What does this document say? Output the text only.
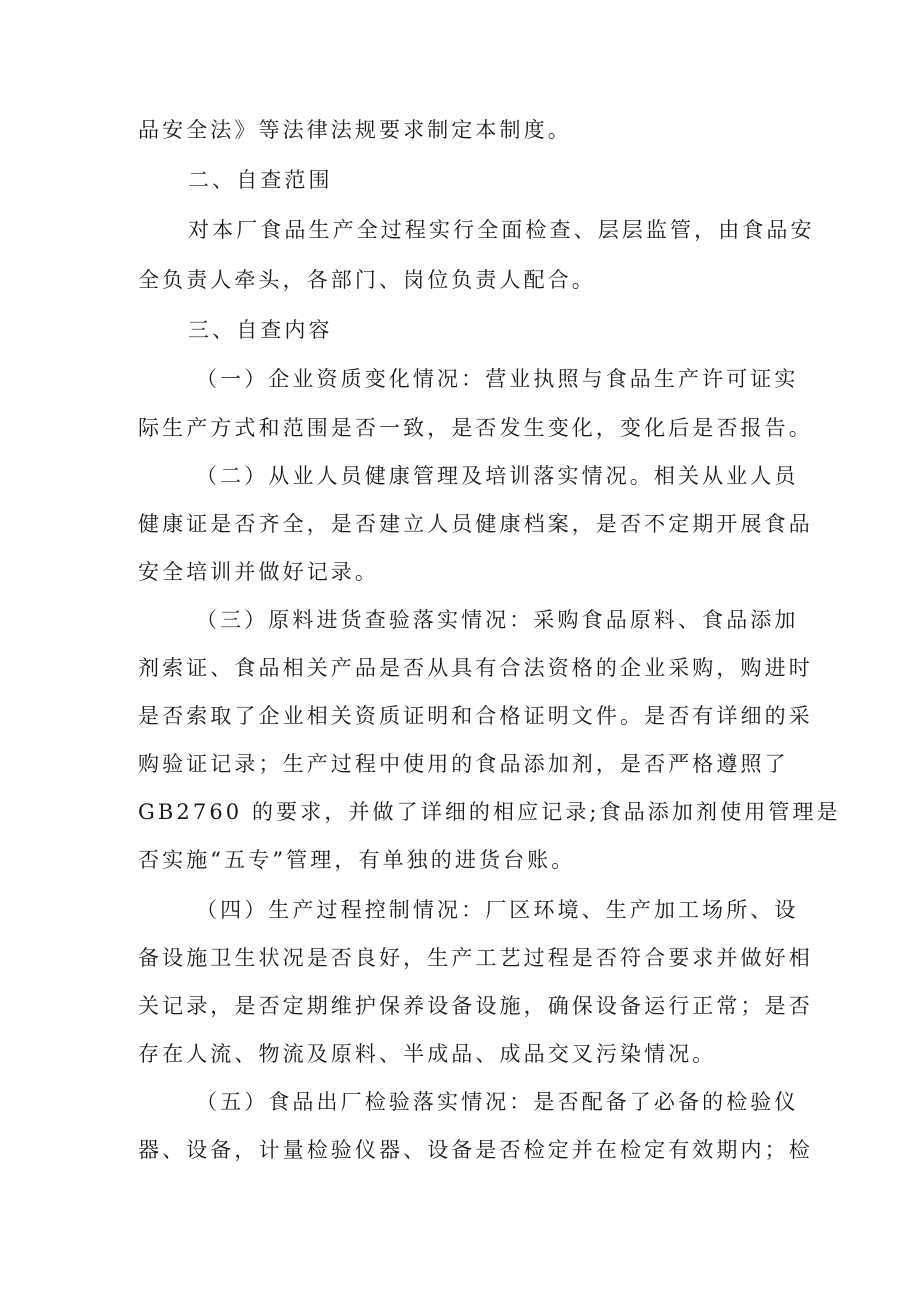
品安全法》等法律法规要求制定本制度。
二、自查范围
对本厂食品生产全过程实行全面检查、层层监管，由食品安
全负责人牵头，各部门、岗位负责人配合。
三、自查内容
（一）企业资质变化情况：营业执照与食品生产许可证实
际生产方式和范围是否一致，是否发生变化，变化后是否报告。
（二）从业人员健康管理及培训落实情况。相关从业人员
健康证是否齐全，是否建立人员健康档案，是否不定期开展食品
安全培训并做好记录。
（三）原料进货查验落实情况：采购食品原料、食品添加
剂索证、食品相关产品是否从具有合法资格的企业采购，购进时
是否索取了企业相关资质证明和合格证明文件。是否有详细的采
购验证记录；生产过程中使用的食品添加剂，是否严格遵照了
GB2760 的要求，并做了详细的相应记录;食品添加剂使用管理是
否实施“五专”管理，有单独的进货台账。
（四）生产过程控制情况：厂区环境、生产加工场所、设
备设施卫生状况是否良好，生产工艺过程是否符合要求并做好相
关记录，是否定期维护保养设备设施，确保设备运行正常；是否
存在人流、物流及原料、半成品、成品交叉污染情况。
（五）食品出厂检验落实情况：是否配备了必备的检验仪
器、设备，计量检验仪器、设备是否检定并在检定有效期内；检
